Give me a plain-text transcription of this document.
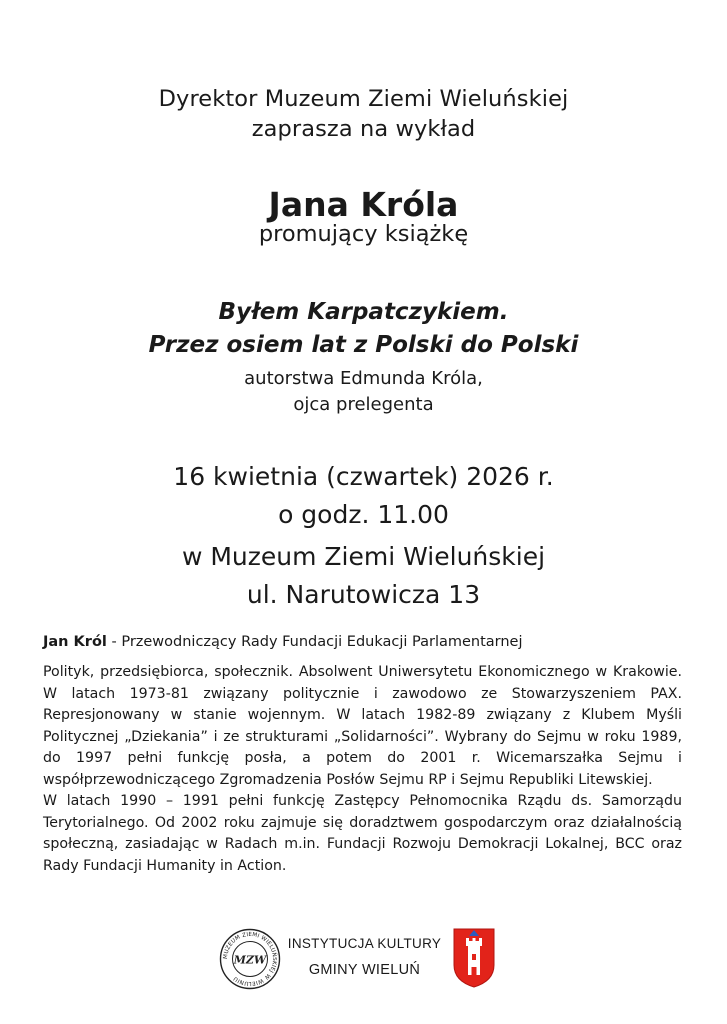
Dyrektor Muzeum Ziemi Wieluńskiej
zaprasza na wykład
Jana Króla
promujący książkę
Byłem Karpatczykiem.
Przez osiem lat z Polski do Polski
autorstwa Edmunda Króla,
ojca prelegenta
16 kwietnia (czwartek) 2026 r.
o godz. 11.00
w Muzeum Ziemi Wieluńskiej
ul. Narutowicza 13
Jan Król - Przewodniczący Rady Fundacji Edukacji Parlamentarnej

Polityk, przedsiębiorca, społecznik. Absolwent Uniwersytetu Ekonomicznego w Krakowie. W latach 1973-81 związany politycznie i zawodowo ze Stowarzyszeniem PAX. Represjonowany w stanie wojennym. W latach 1982-89 związany z Klubem Myśli Politycznej „Dziekania” i ze strukturami „Solidarności”. Wybrany do Sejmu w roku 1989, do 1997 pełni funkcję posła, a potem do 2001 r. Wicemarszałka Sejmu i współprzewodniczącego Zgromadzenia Posłów Sejmu RP i Sejmu Republiki Litewskiej.

W latach 1990 – 1991 pełni funkcję Zastępcy Pełnomocnika Rządu ds. Samorządu Terytorialnego. Od 2002 roku zajmuje się doradztwem gospodarczym oraz działalnością społeczną, zasiadając w Radach m.in. Fundacji Rozwoju Demokracji Lokalnej, BCC oraz Rady Fundacji Humanity in Action.

MUZEUM ZIEMI WIELUŃSKIEJ W WIELUNIU
MZW
INSTYTUCJA KULTURY
GMINY WIELUŃ
